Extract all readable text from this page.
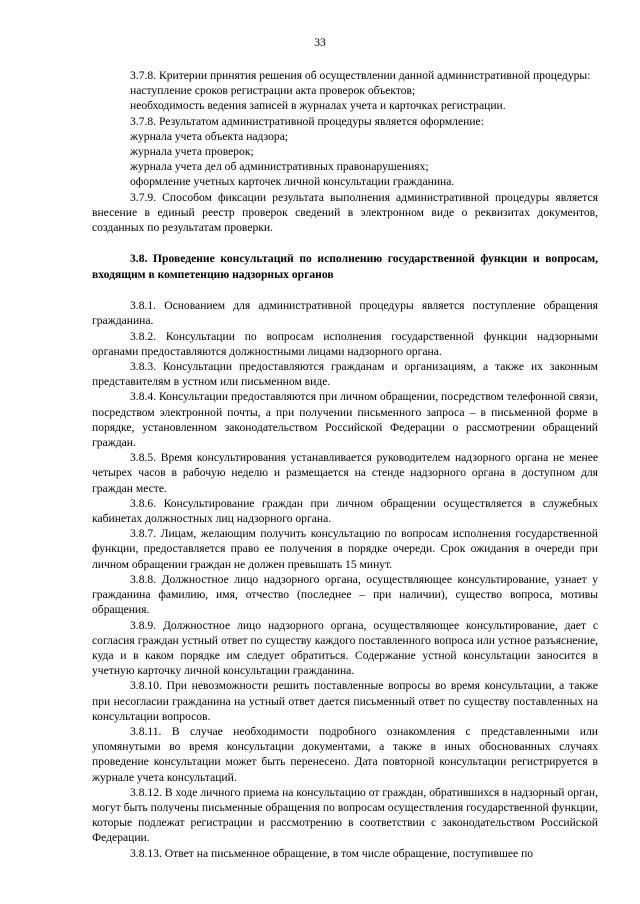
33

3.7.8. Критерии принятия решения об осуществлении данной административной процедуры:

наступление сроков регистрации акта проверок объектов;

необходимость ведения записей в журналах учета и карточках регистрации.

3.7.8. Результатом административной процедуры является оформление:

журнала учета объекта надзора;

журнала учета проверок;

журнала учета дел об административных правонарушениях;

оформление учетных карточек личной консультации гражданина.

3.7.9. Способом фиксации результата выполнения административной процедуры является внесение в единый реестр проверок сведений в электронном виде о реквизитах документов, созданных по результатам проверки.

3.8. Проведение консультаций по исполнению государственной функции и вопросам, входящим в компетенцию надзорных органов

3.8.1. Основанием для административной процедуры является поступление обращения гражданина.

3.8.2. Консультации по вопросам исполнения государственной функции надзорными органами предоставляются должностными лицами надзорного органа.

3.8.3. Консультации предоставляются гражданам и организациям, а также их законным представителям в устном или письменном виде.

3.8.4. Консультации предоставляются при личном обращении, посредством телефонной связи, посредством электронной почты, а при получении письменного запроса – в письменной форме в порядке, установленном законодательством Российской Федерации о рассмотрении обращений граждан.

3.8.5. Время консультирования устанавливается руководителем надзорного органа не менее четырех часов в рабочую неделю и размещается на стенде надзорного органа в доступном для граждан месте.

3.8.6. Консультирование граждан при личном обращении осуществляется в служебных кабинетах должностных лиц надзорного органа.

3.8.7. Лицам, желающим получить консультацию по вопросам исполнения государственной функции, предоставляется право ее получения в порядке очереди. Срок ожидания в очереди при личном обращении граждан не должен превышать 15 минут.

3.8.8. Должностное лицо надзорного органа, осуществляющее консультирование, узнает у гражданина фамилию, имя, отчество (последнее – при наличии), существо вопроса, мотивы обращения.

3.8.9. Должностное лицо надзорного органа, осуществляющее консультирование, дает с согласия граждан устный ответ по существу каждого поставленного вопроса или устное разъяснение, куда и в каком порядке им следует обратиться. Содержание устной консультации заносится в учетную карточку личной консультации гражданина.

3.8.10. При невозможности решить поставленные вопросы во время консультации, а также при несогласии гражданина на устный ответ дается письменный ответ по существу поставленных на консультации вопросов.

3.8.11. В случае необходимости подробного ознакомления с представленными или упомянутыми во время консультации документами, а также в иных обоснованных случаях проведение консультации может быть перенесено. Дата повторной консультации регистрируется в журнале учета консультаций.

3.8.12. В ходе личного приема на консультацию от граждан, обратившихся в надзорный орган, могут быть получены письменные обращения по вопросам осуществления государственной функции, которые подлежат регистрации и рассмотрению в соответствии с законодательством Российской Федерации.

3.8.13. Ответ на письменное обращение, в том числе обращение, поступившее по
